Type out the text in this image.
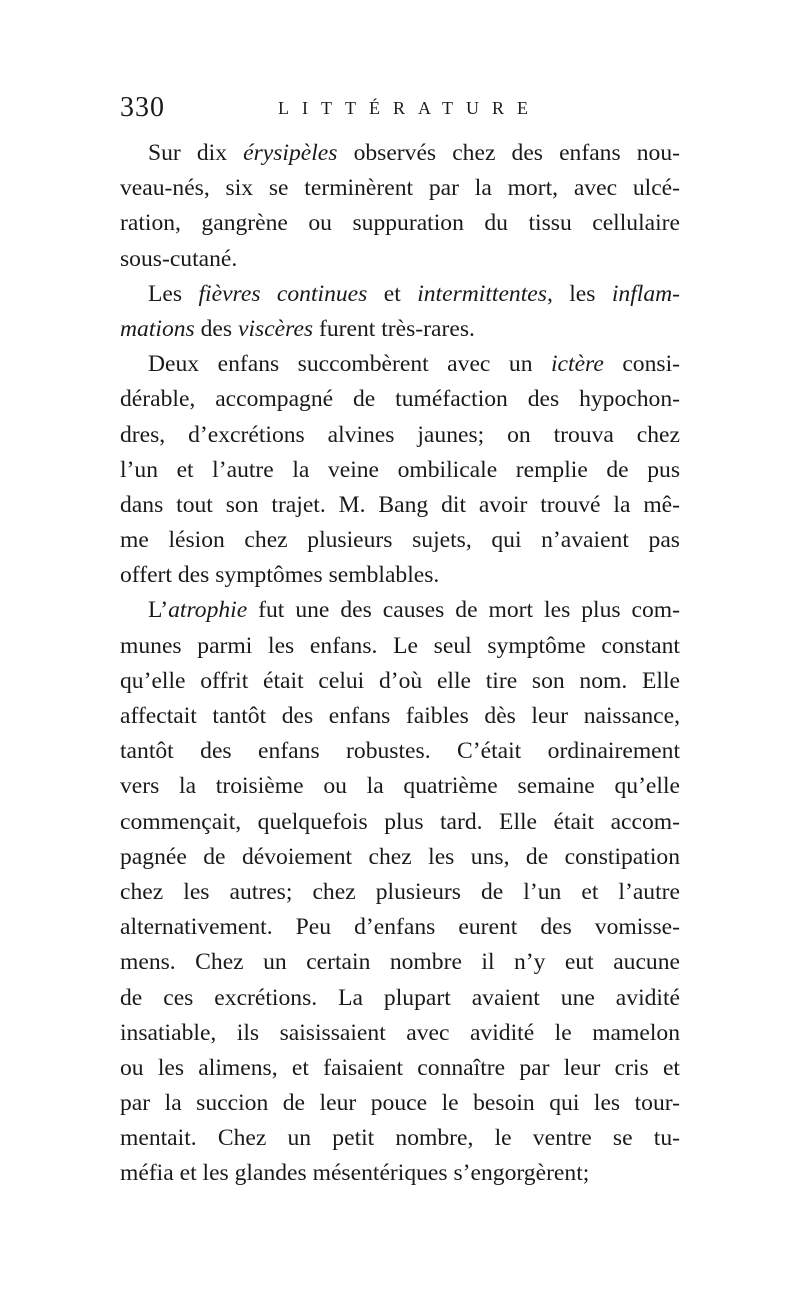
330	LITTÉRATURE
Sur dix érysipèles observés chez des enfans nou-
veau-nés, six se terminèrent par la mort, avec ulcé-
ration, gangrène ou suppuration du tissu cellulaire
sous-cutané.
Les fièvres continues et intermittentes, les inflam-
mations des viscères furent très-rares.
Deux enfans succombèrent avec un ictère consi-
dérable, accompagné de tuméfaction des hypochon-
dres, d’excrétions alvines jaunes; on trouva chez
l’un et l’autre la veine ombilicale remplie de pus
dans tout son trajet. M. Bang dit avoir trouvé la mê-
me lésion chez plusieurs sujets, qui n’avaient pas
offert des symptômes semblables.
L’atrophie fut une des causes de mort les plus com-
munes parmi les enfans. Le seul symptôme constant
qu’elle offrit était celui d’où elle tire son nom. Elle
affectait tantôt des enfans faibles dès leur naissance,
tantôt des enfans robustes. C’était ordinairement
vers la troisième ou la quatrième semaine qu’elle
commençait, quelquefois plus tard. Elle était accom-
pagnée de dévoiement chez les uns, de constipation
chez les autres; chez plusieurs de l’un et l’autre
alternativement. Peu d’enfans eurent des vomisse-
mens. Chez un certain nombre il n’y eut aucune
de ces excrétions. La plupart avaient une avidité
insatiable, ils saisissaient avec avidité le mamelon
ou les alimens, et faisaient connaître par leur cris et
par la succion de leur pouce le besoin qui les tour-
mentait. Chez un petit nombre, le ventre se tu-
méfia et les glandes mésentériques s’engorgèrent;
